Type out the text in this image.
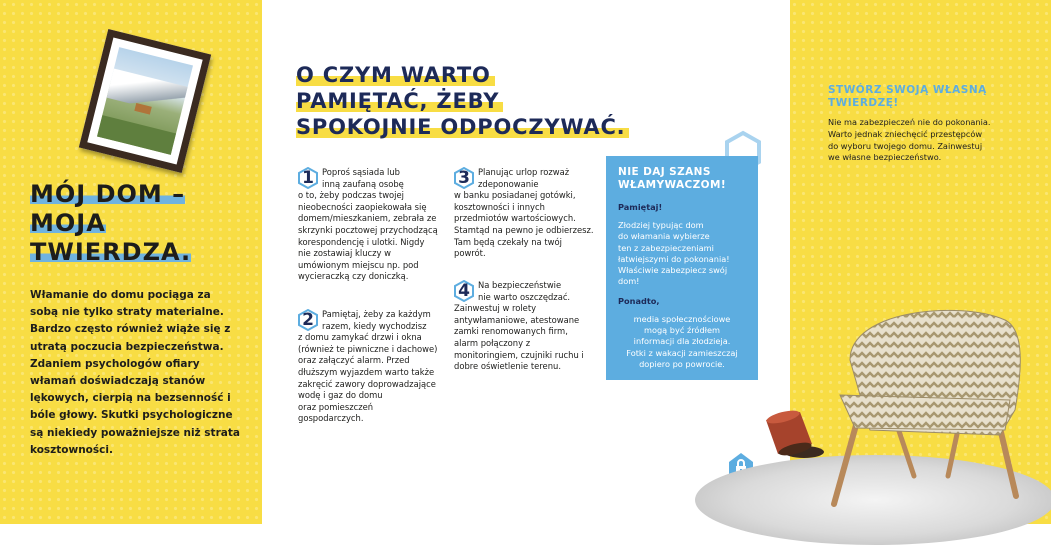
MÓJ DOM –
MOJA
TWIERDZA.

Włamanie do domu pociąga za sobą nie tylko straty materialne. Bardzo często również wiąże się z utratą poczucia bezpieczeństwa. Zdaniem psychologów ofiary włamań doświadczają stanów lękowych, cierpią na bezsenność i bóle głowy. Skutki psychologiczne są niekiedy poważniejsze niż strata kosztowności.

O CZYM WARTO
PAMIĘTAĆ, ŻEBY
SPOKOJNIE ODPOCZYWAĆ.
1 Poproś sąsiada lub
inną zaufaną osobę
o to, żeby podczas twojej nieobecności zaopiekowała się domem/mieszkaniem, zebrała ze skrzynki pocztowej przychodzącą korespondencję i ulotki. Nigdy nie zostawiaj kluczy w umówionym miejscu np. pod wycieraczką czy doniczką.

2 Pamiętaj, żeby za każdym
razem, kiedy wychodzisz
z domu zamykać drzwi i okna (również te piwniczne i dachowe) oraz załączyć alarm. Przed dłuższym wyjazdem warto także zakręcić zawory doprowadzające wodę i gaz do domu
oraz pomieszczeń gospodarczych.

3 Planując urlop rozważ
zdeponowanie
w banku posiadanej gotówki, kosztowności i innych przedmiotów wartościowych. Stamtąd na pewno je odbierzesz. Tam będą czekały na twój powrót.

4 Na bezpieczeństwie
nie warto oszczędzać.
Zainwestuj w rolety antywłamaniowe, atestowane zamki renomowanych firm, alarm połączony z monitoringiem, czujniki ruchu i dobre oświetlenie terenu.

NIE DAJ SZANS WŁAMYWACZOM!

Pamiętaj!

Złodziej typując dom
do włamania wybierze
ten z zabezpieczeniami łatwiejszymi do pokonania! Właściwie zabezpiecz swój dom!

Ponadto,

media społecznościowe
mogą być źródłem
informacji dla złodzieja.
Fotki z wakacji zamieszczaj dopiero po powrocie.

STWÓRZ SWOJĄ WŁASNĄ TWIERDZĘ!

Nie ma zabezpieczeń nie do pokonania.
Warto jednak zniechęcić przestępców
do wyboru twojego domu. Zainwestuj
we własne bezpieczeństwo.
